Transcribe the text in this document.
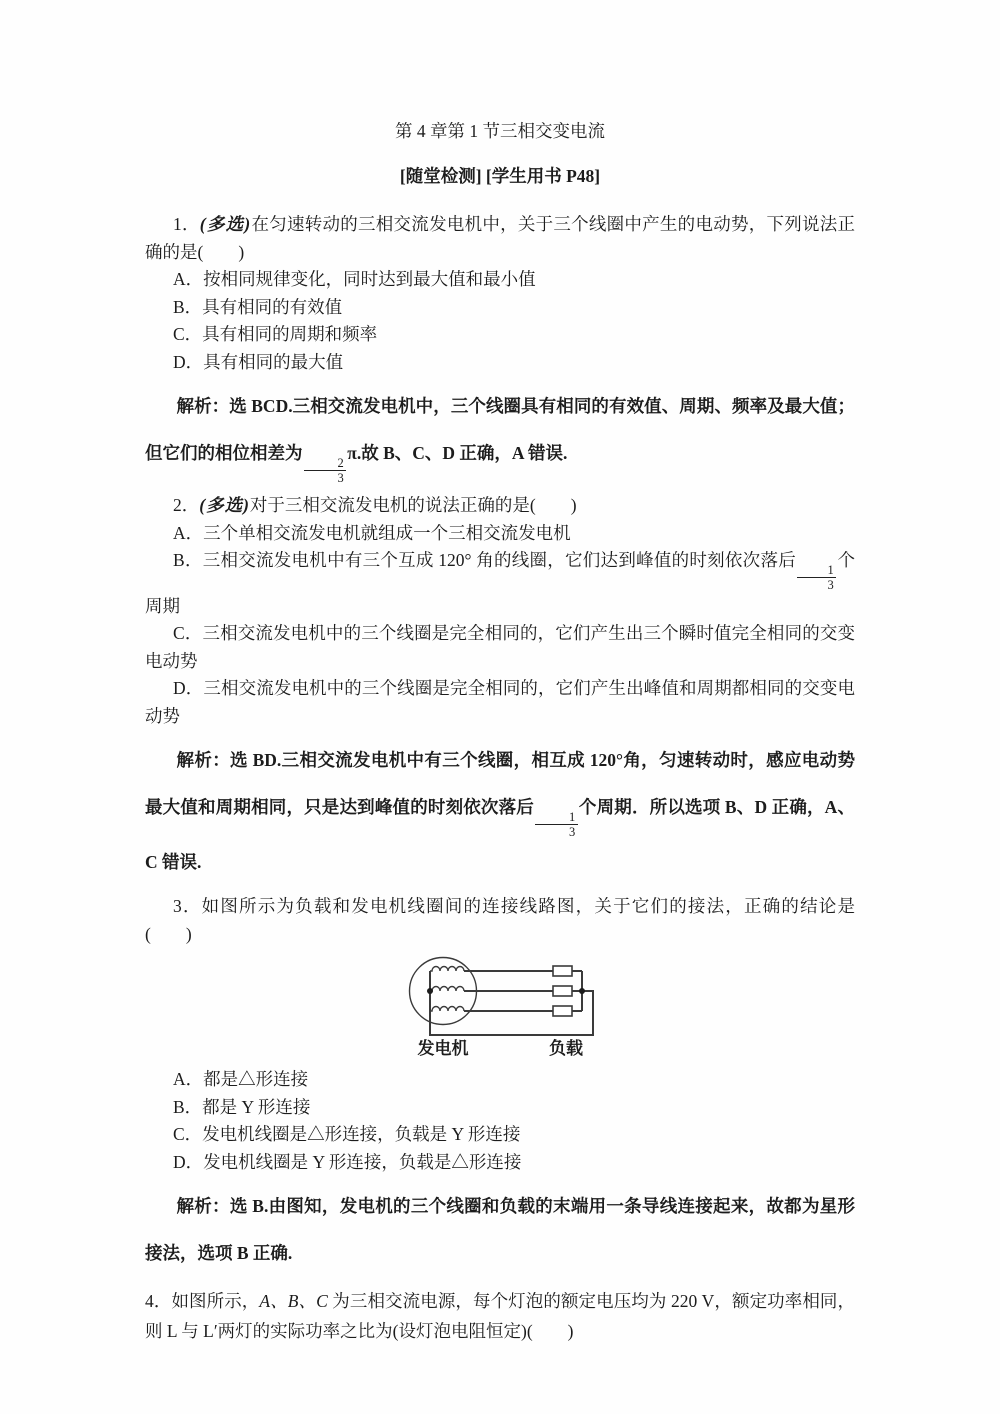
第 4 章第 1 节三相交变电流

[随堂检测] [学生用书 P48]

1．(多选)在匀速转动的三相交流发电机中，关于三个线圈中产生的电动势，下列说法正确的是(　　)

A．按相同规律变化，同时达到最大值和最小值

B．具有相同的有效值

C．具有相同的周期和频率

D．具有相同的最大值

解析：选 BCD.三相交流发电机中，三个线圈具有相同的有效值、周期、频率及最大值；但它们的相位相差为
$\frac{2}{3}$
π.故 B、C、D 正确，A 错误.

2．(多选)对于三相交流发电机的说法正确的是(　　)

A．三个单相交流发电机就组成一个三相交流发电机

B．三相交流发电机中有三个互成 120° 角的线圈，它们达到峰值的时刻依次落后
$\frac{1}{3}$
个周期

C．三相交流发电机中的三个线圈是完全相同的，它们产生出三个瞬时值完全相同的交变电动势

D．三相交流发电机中的三个线圈是完全相同的，它们产生出峰值和周期都相同的交变电动势

解析：选 BD.三相交流发电机中有三个线圈，相互成 120°角，匀速转动时，感应电动势最大值和周期相同，只是达到峰值的时刻依次落后
$\frac{1}{3}$
个周期．所以选项 B、D 正确，A、C 错误.

3．如图所示为负载和发电机线圈间的连接线路图，关于它们的接法，正确的结论是(　　)

发电机	负载

A．都是△形连接

B．都是 Y 形连接

C．发电机线圈是△形连接，负载是 Y 形连接

D．发电机线圈是 Y 形连接，负载是△形连接

解析：选 B.由图知，发电机的三个线圈和负载的末端用一条导线连接起来，故都为星形接法，选项 B 正确.

4．如图所示，A、B、C 为三相交流电源，每个灯泡的额定电压均为 220 V，额定功率相同，则 L 与 L′两灯的实际功率之比为(设灯泡电阻恒定)(　　)
